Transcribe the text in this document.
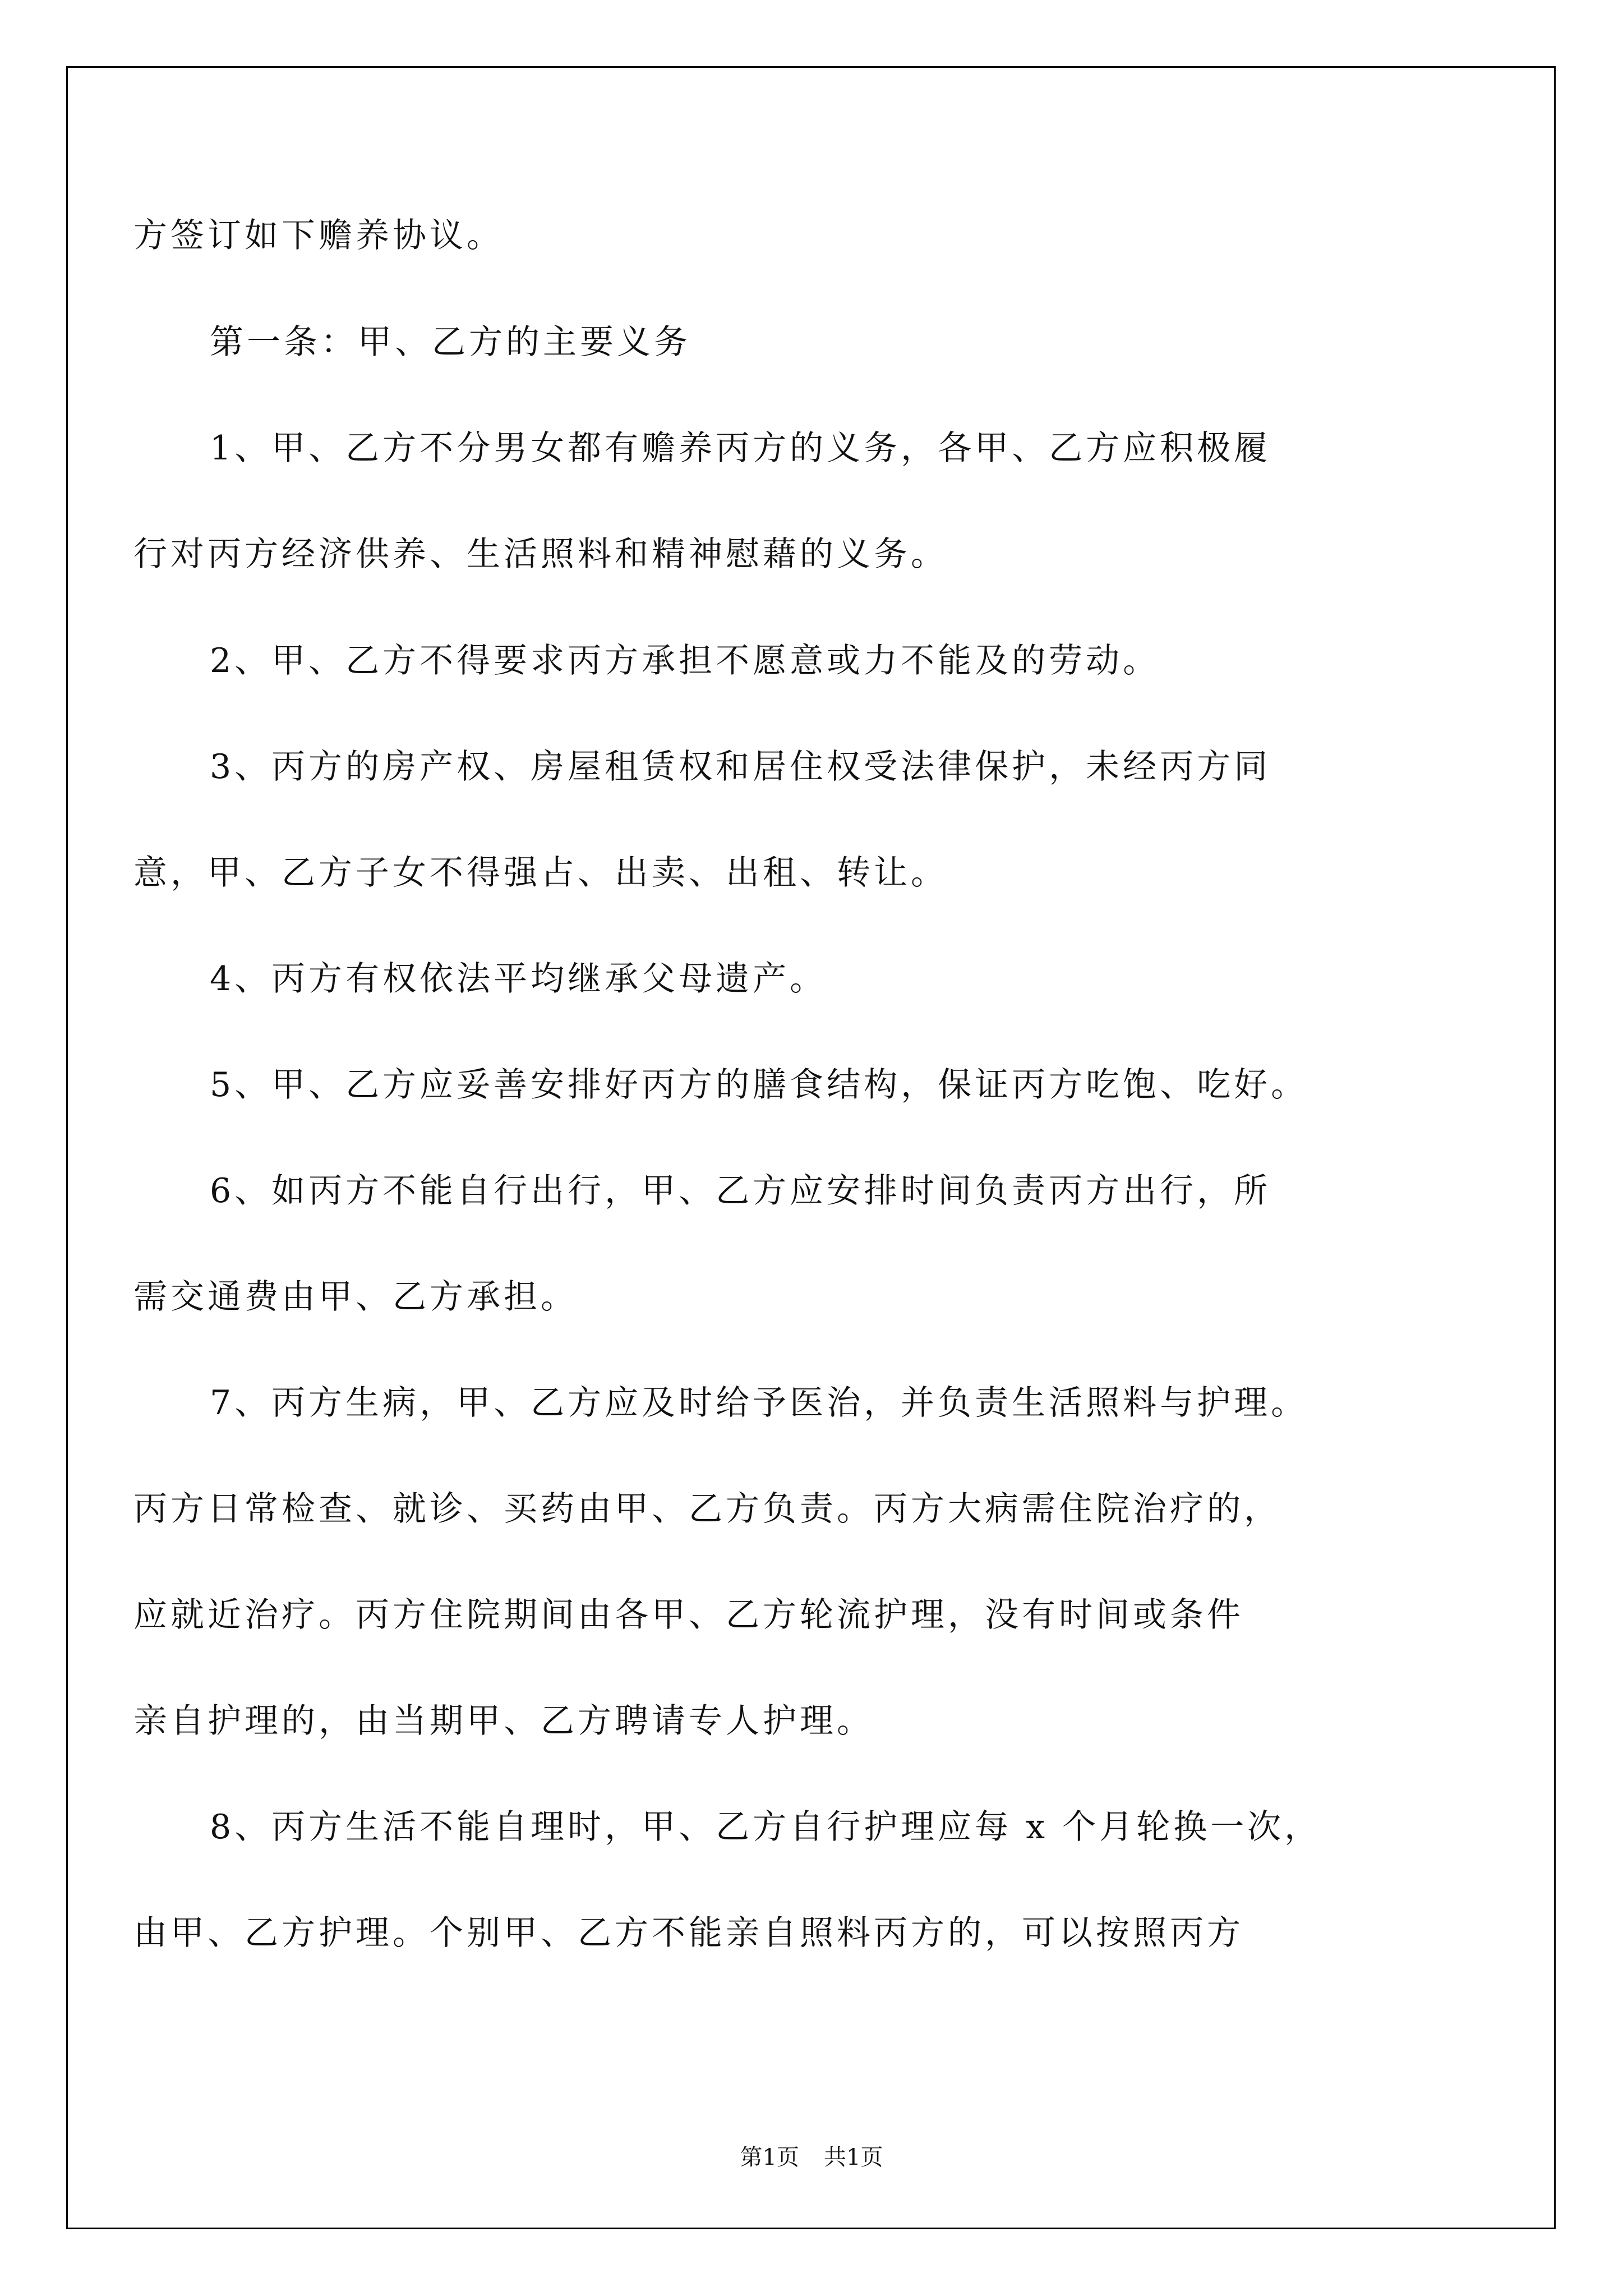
方签订如下赡养协议。
第一条：甲、乙方的主要义务
1、甲、乙方不分男女都有赡养丙方的义务，各甲、乙方应积极履
行对丙方经济供养、生活照料和精神慰藉的义务。
2、甲、乙方不得要求丙方承担不愿意或力不能及的劳动。
3、丙方的房产权、房屋租赁权和居住权受法律保护，未经丙方同
意，甲、乙方子女不得强占、出卖、出租、转让。
4、丙方有权依法平均继承父母遗产。
5、甲、乙方应妥善安排好丙方的膳食结构，保证丙方吃饱、吃好。
6、如丙方不能自行出行，甲、乙方应安排时间负责丙方出行，所
需交通费由甲、乙方承担。
7、丙方生病，甲、乙方应及时给予医治，并负责生活照料与护理。
丙方日常检查、就诊、买药由甲、乙方负责。丙方大病需住院治疗的，
应就近治疗。丙方住院期间由各甲、乙方轮流护理，没有时间或条件
亲自护理的，由当期甲、乙方聘请专人护理。
8、丙方生活不能自理时，甲、乙方自行护理应每 x 个月轮换一次，
由甲、乙方护理。个别甲、乙方不能亲自照料丙方的，可以按照丙方
第1页 共1页
